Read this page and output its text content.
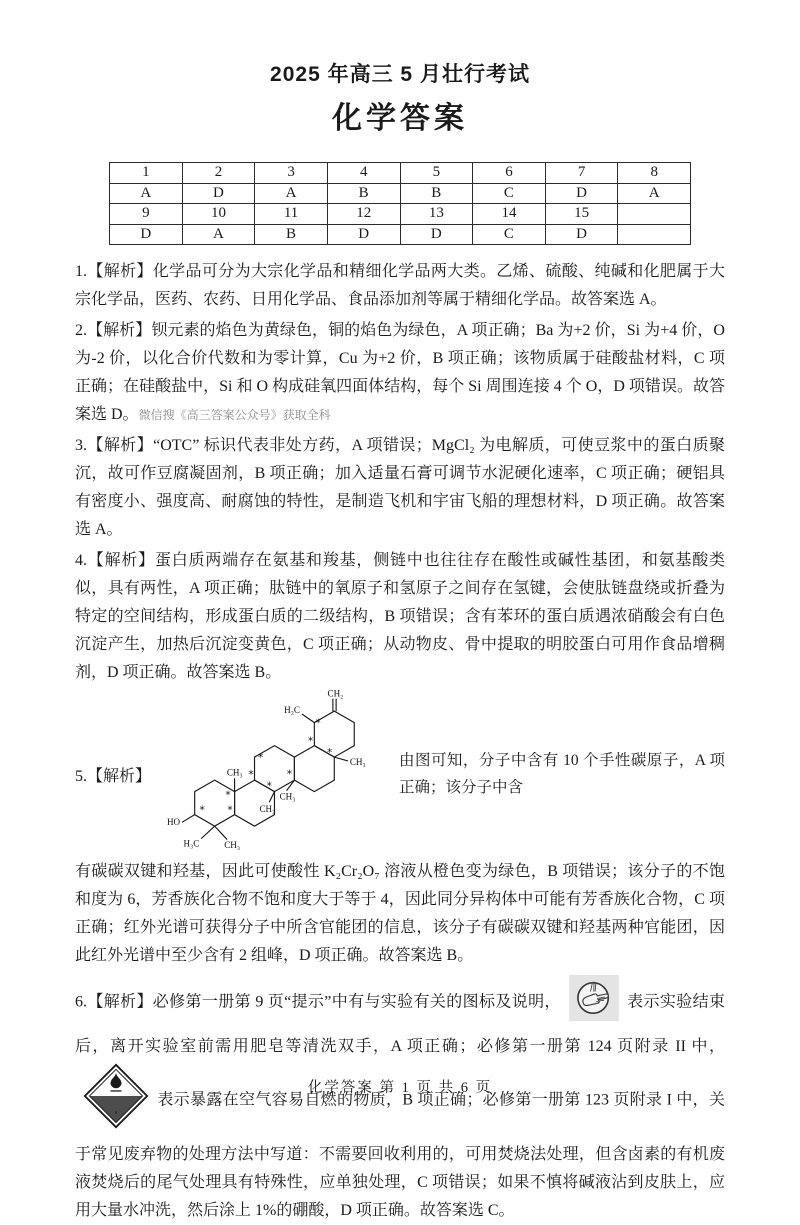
2025 年高三 5 月壮行考试
化学答案
1	2	3	4	5	6	7	8
A	D	A	B	B	C	D	A
9	10	11	12	13	14	15	
D	A	B	D	D	C	D	

1.【解析】化学品可分为大宗化学品和精细化学品两大类。乙烯、硫酸、纯碱和化肥属于大宗化学品，医药、农药、日用化学品、食品添加剂等属于精细化学品。故答案选 A。

2.【解析】钡元素的焰色为黄绿色，铜的焰色为绿色，A 项正确；Ba 为+2 价，Si 为+4 价，O 为-2 价，以化合价代数和为零计算，Cu 为+2 价，B 项正确；该物质属于硅酸盐材料，C 项正确；在硅酸盐中，Si 和 O 构成硅氧四面体结构，每个 Si 周围连接 4 个 O，D 项错误。故答案选 D。微信搜《高三答案公众号》获取全科

3.【解析】“OTC” 标识代表非处方药，A 项错误；MgCl₂ 为电解质，可使豆浆中的蛋白质聚沉，故可作豆腐凝固剂，B 项正确；加入适量石膏可调节水泥硬化速率，C 项正确；硬铝具有密度小、强度高、耐腐蚀的特性，是制造飞机和宇宙飞船的理想材料，D 项正确。故答案选 A。

4.【解析】蛋白质两端存在氨基和羧基，侧链中也往往存在酸性或碱性基团，和氨基酸类似，具有两性，A 项正确；肽链中的氧原子和氢原子之间存在氢键，会使肽链盘绕或折叠为特定的空间结构，形成蛋白质的二级结构，B 项错误；含有苯环的蛋白质遇浓硝酸会有白色沉淀产生，加热后沉淀变黄色，C 项正确；从动物皮、骨中提取的明胶蛋白可用作食品增稠剂，D 项正确。故答案选 B。

5.【解析】
HO
H₃C	CH₃
CH₃
CH₃
CH₃
CH₃
H₃C
CH₂
* *
*
*
*
*
*
*
*
*
由图可知，分子中含有 10 个手性碳原子，A 项正确；该分子中含

有碳碳双键和羟基，因此可使酸性 K₂Cr₂O₇ 溶液从橙色变为绿色，B 项错误；该分子的不饱和度为 6，芳香族化合物不饱和度大于等于 4，因此同分异构体中可能有芳香族化合物，C 项正确；红外光谱可获得分子中所含官能团的信息，该分子有碳碳双键和羟基两种官能团，因此红外光谱中至少含有 2 组峰，D 项正确。故答案选 B。

6.【解析】必修第一册第 9 页“提示”中有与实验有关的图标及说明，	表示实验结束后，离开实验室前需用肥皂等清洗双手，A 项正确；必修第一册第 124 页附录 II 中，表示暴露在空气容易自燃的物质，B 项正确；必修第一册第 123 页附录 I 中，关于常见废弃物的处理方法中写道：不需要回收利用的，可用焚烧法处理，但含卤素的有机废液焚烧后的尾气处理具有特殊性，应单独处理，C 项错误；如果不慎将碱液沾到皮肤上，应用大量水冲洗，然后涂上 1%的硼酸，D 项正确。故答案选 C。

化学答案 第 1 页 共 6 页
